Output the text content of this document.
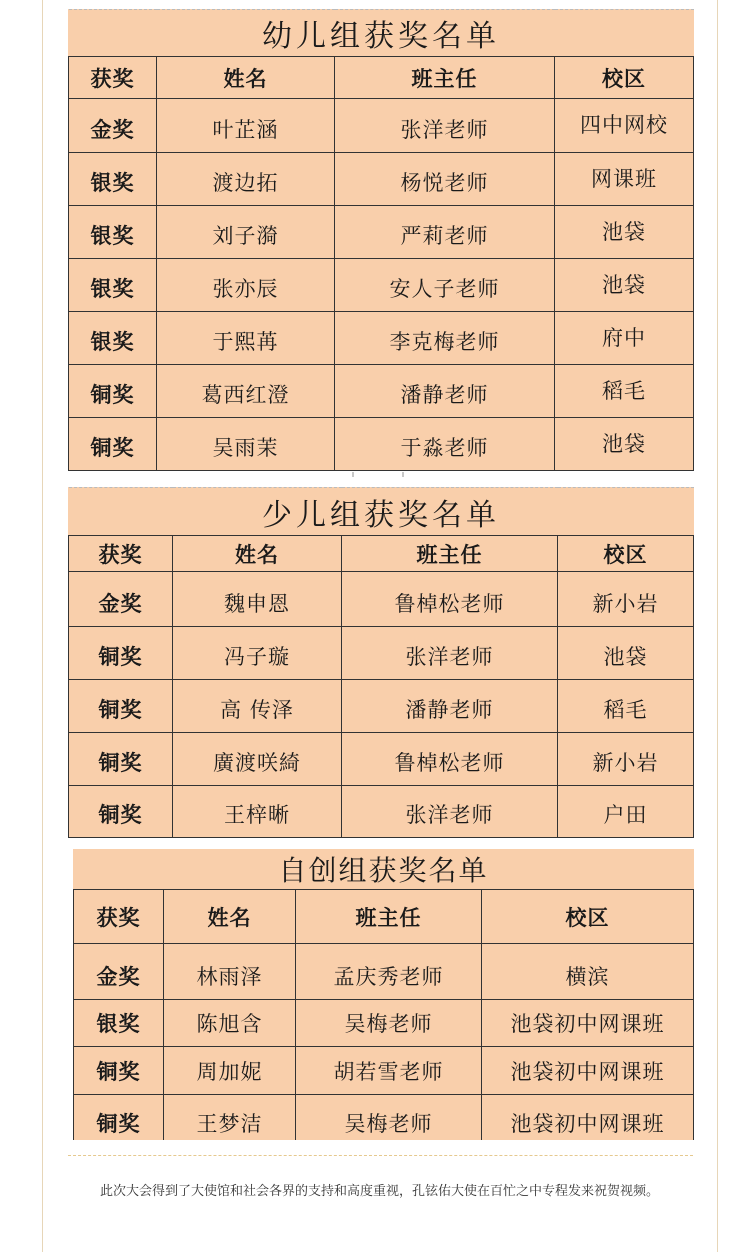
幼儿组获奖名单			
获奖	姓名	班主任	校区
金奖	叶芷涵	张洋老师	四中网校
银奖	渡边拓	杨悦老师	网课班
银奖	刘子漪	严莉老师	池袋
银奖	张亦辰	安人子老师	池袋
银奖	于熙苒	李克梅老师	府中
铜奖	葛西红澄	潘静老师	稻毛
铜奖	吴雨茉	于淼老师	池袋
少儿组获奖名单			
获奖	姓名	班主任	校区
金奖	魏申恩	鲁棹松老师	新小岩
铜奖	冯子璇	张洋老师	池袋
铜奖	高 传泽	潘静老师	稻毛
铜奖	廣渡咲綺	鲁棹松老师	新小岩
铜奖	王梓晰	张洋老师	户田
自创组获奖名单			
获奖	姓名	班主任	校区
金奖	林雨泽	孟庆秀老师	横滨
银奖	陈旭含	吴梅老师	池袋初中网课班
铜奖	周加妮	胡若雪老师	池袋初中网课班
铜奖	王梦洁	吴梅老师	池袋初中网课班

此次大会得到了大使馆和社会各界的支持和高度重视，孔铉佑大使在百忙之中专程发来祝贺视频。
